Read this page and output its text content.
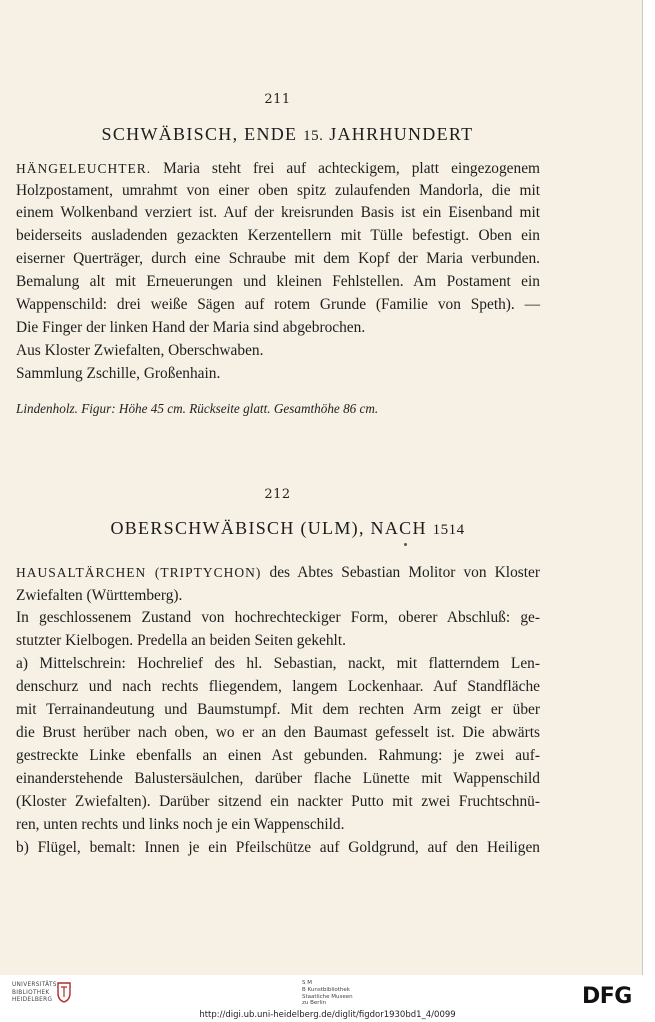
211
SCHWÄBISCH, ENDE 15. JAHRHUNDERT
HÄNGELEUCHTER. Maria steht frei auf achteckigem, platt eingezogenem
Holzpostament, umrahmt von einer oben spitz zulaufenden Mandorla, die mit
einem Wolkenband verziert ist. Auf der kreisrunden Basis ist ein Eisenband mit
beiderseits ausladenden gezackten Kerzentellern mit Tülle befestigt. Oben ein
eiserner Querträger, durch eine Schraube mit dem Kopf der Maria verbunden.
Bemalung alt mit Erneuerungen und kleinen Fehlstellen. Am Postament ein
Wappenschild: drei weiße Sägen auf rotem Grunde (Familie von Speth). —
Die Finger der linken Hand der Maria sind abgebrochen.
Aus Kloster Zwiefalten, Oberschwaben.
Sammlung Zschille, Großenhain.
Lindenholz. Figur: Höhe 45 cm. Rückseite glatt. Gesamthöhe 86 cm.
212
OBERSCHWÄBISCH (ULM), NACH 1514
HAUSALTÄRCHEN (TRIPTYCHON) des Abtes Sebastian Molitor von Kloster
Zwiefalten (Württemberg).
In geschlossenem Zustand von hochrechteckiger Form, oberer Abschluß: ge-
stutzter Kielbogen. Predella an beiden Seiten gekehlt.
a) Mittelschrein: Hochrelief des hl. Sebastian, nackt, mit flatterndem Len-
denschurz und nach rechts fliegendem, langem Lockenhaar. Auf Standfläche
mit Terrainandeutung und Baumstumpf. Mit dem rechten Arm zeigt er über
die Brust herüber nach oben, wo er an den Baumast gefesselt ist. Die abwärts
gestreckte Linke ebenfalls an einen Ast gebunden. Rahmung: je zwei auf-
einanderstehende Balustersäulchen, darüber flache Lünette mit Wappenschild
(Kloster Zwiefalten). Darüber sitzend ein nackter Putto mit zwei Fruchtschnü-
ren, unten rechts und links noch je ein Wappenschild.
b) Flügel, bemalt: Innen je ein Pfeilschütze auf Goldgrund, auf den Heiligen
UNIVERSITÄTS
BIBLIOTHEK
HEIDELBERG
S M
B Kunstbibliothek
Staatliche Museen
zu Berlin	DFG
http://digi.ub.uni-heidelberg.de/diglit/figdor1930bd1_4/0099
